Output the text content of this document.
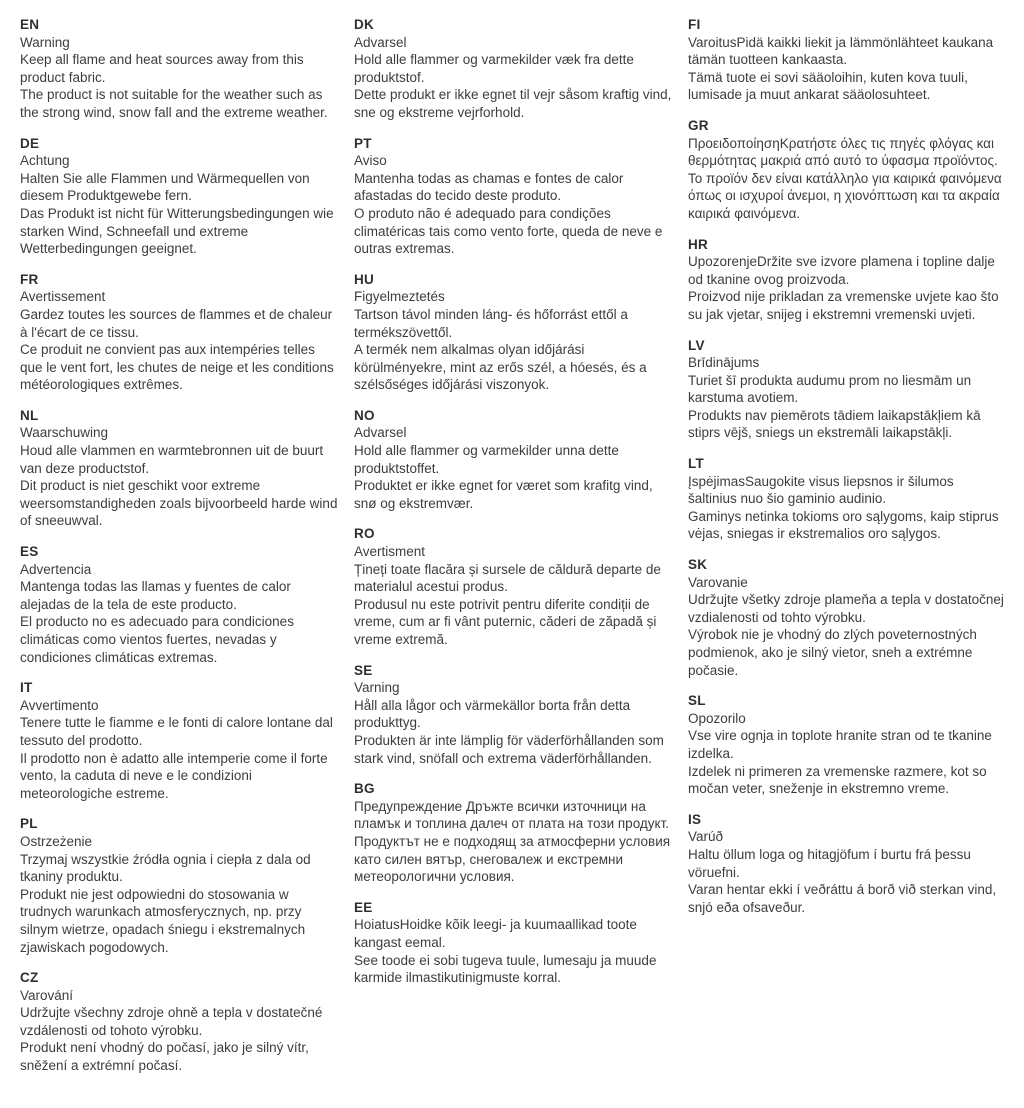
EN

Warning

Keep all flame and heat sources away from this product fabric.

The product is not suitable for the weather such as the strong wind, snow fall and the extreme weather.

DE

Achtung

Halten Sie alle Flammen und Wärmequellen von diesem Produktgewebe fern.

Das Produkt ist nicht für Witterungsbedingungen wie starken Wind, Schneefall und extreme Wetterbedingungen geeignet.

FR

Avertissement

Gardez toutes les sources de flammes et de chaleur à l'écart de ce tissu.

Ce produit ne convient pas aux intempéries telles que le vent fort, les chutes de neige et les conditions météorologiques extrêmes.

NL

Waarschuwing

Houd alle vlammen en warmtebronnen uit de buurt van deze productstof.

Dit product is niet geschikt voor extreme weersomstandigheden zoals bijvoorbeeld harde wind of sneeuwval.

ES

Advertencia

Mantenga todas las llamas y fuentes de calor alejadas de la tela de este producto.

El producto no es adecuado para condiciones climáticas como vientos fuertes, nevadas y condiciones climáticas extremas.

IT

Avvertimento

Tenere tutte le fiamme e le fonti di calore lontane dal tessuto del prodotto.

Il prodotto non è adatto alle intemperie come il forte vento, la caduta di neve e le condizioni meteorologiche estreme.

PL

Ostrzeżenie

Trzymaj wszystkie źródła ognia i ciepła z dala od tkaniny produktu.

Produkt nie jest odpowiedni do stosowania w trudnych warunkach atmosferycznych, np. przy silnym wietrze, opadach śniegu i ekstremalnych zjawiskach pogodowych.

CZ

Varování

Udržujte všechny zdroje ohně a tepla v dostatečné vzdálenosti od tohoto výrobku.

Produkt není vhodný do počasí, jako je silný vítr, sněžení a extrémní počasí.

DK

Advarsel

Hold alle flammer og varmekilder væk fra dette produktstof.

Dette produkt er ikke egnet til vejr såsom kraftig vind, sne og ekstreme vejrforhold.

PT

Aviso

Mantenha todas as chamas e fontes de calor afastadas do tecido deste produto.

O produto não é adequado para condições climatéricas tais como vento forte, queda de neve e outras extremas.

HU

Figyelmeztetés

Tartson távol minden láng- és hőforrást ettől a termékszövettől.

A termék nem alkalmas olyan időjárási körülményekre, mint az erős szél, a hóesés, és a szélsőséges időjárási viszonyok.

NO

Advarsel

Hold alle flammer og varmekilder unna dette produktstoffet.

Produktet er ikke egnet for været som krafitg vind, snø og ekstremvær.

RO

Avertisment

Țineți toate flacăra și sursele de căldură departe de materialul acestui produs.

Produsul nu este potrivit pentru diferite condiții de vreme, cum ar fi vânt puternic, căderi de zăpadă și vreme extremă.

SE

Varning

Håll alla lågor och värmekällor borta från detta produkttyg.

Produkten är inte lämplig för väderförhållanden som stark vind, snöfall och extrema väderförhållanden.

BG

Предупреждение Дръжте всички източници на пламък и топлина далеч от плата на този продукт.

Продуктът не е подходящ за атмосферни условия като силен вятър, снеговалеж и екстремни метеорологични условия.

EE

HoiatusHoidke kõik leegi- ja kuumaallikad toote kangast eemal.

See toode ei sobi tugeva tuule, lumesaju ja muude karmide ilmastikutinigmuste korral.

FI

VaroitusPidä kaikki liekit ja lämmönlähteet kaukana tämän tuotteen kankaasta.

Tämä tuote ei sovi sääoloihin, kuten kova tuuli, lumisade ja muut ankarat sääolosuhteet.

GR

ΠροειδοποίησηΚρατήστε όλες τις πηγές φλόγας και θερμότητας μακριά από αυτό το ύφασμα προϊόντος.

Το προϊόν δεν είναι κατάλληλο για καιρικά φαινόμενα όπως οι ισχυροί άνεμοι, η χιονόπτωση και τα ακραία καιρικά φαινόμενα.

HR

UpozorenjeDržite sve izvore plamena i topline dalje od tkanine ovog proizvoda.

Proizvod nije prikladan za vremenske uvjete kao što su jak vjetar, snijeg i ekstremni vremenski uvjeti.

LV

Brīdinājums

Turiet šī produkta audumu prom no liesmām un karstuma avotiem.

Produkts nav piemērots tādiem laikapstākļiem kā stiprs vējš, sniegs un ekstremāli laikapstākļi.

LT

ĮspėjimasSaugokite visus liepsnos ir šilumos šaltinius nuo šio gaminio audinio.

Gaminys netinka tokioms oro sąlygoms, kaip stiprus vėjas, sniegas ir ekstremalios oro sąlygos.

SK

Varovanie

Udržujte všetky zdroje plameňa a tepla v dostatočnej vzdialenosti od tohto výrobku.

Výrobok nie je vhodný do zlých poveternostných podmienok, ako je silný vietor, sneh a extrémne počasie.

SL

Opozorilo

Vse vire ognja in toplote hranite stran od te tkanine izdelka.

Izdelek ni primeren za vremenske razmere, kot so močan veter, sneženje in ekstremno vreme.

IS

Varúð

Haltu öllum loga og hitagjöfum í burtu frá þessu vöruefni.

Varan hentar ekki í veðráttu á borð við sterkan vind, snjó eða ofsaveður.
